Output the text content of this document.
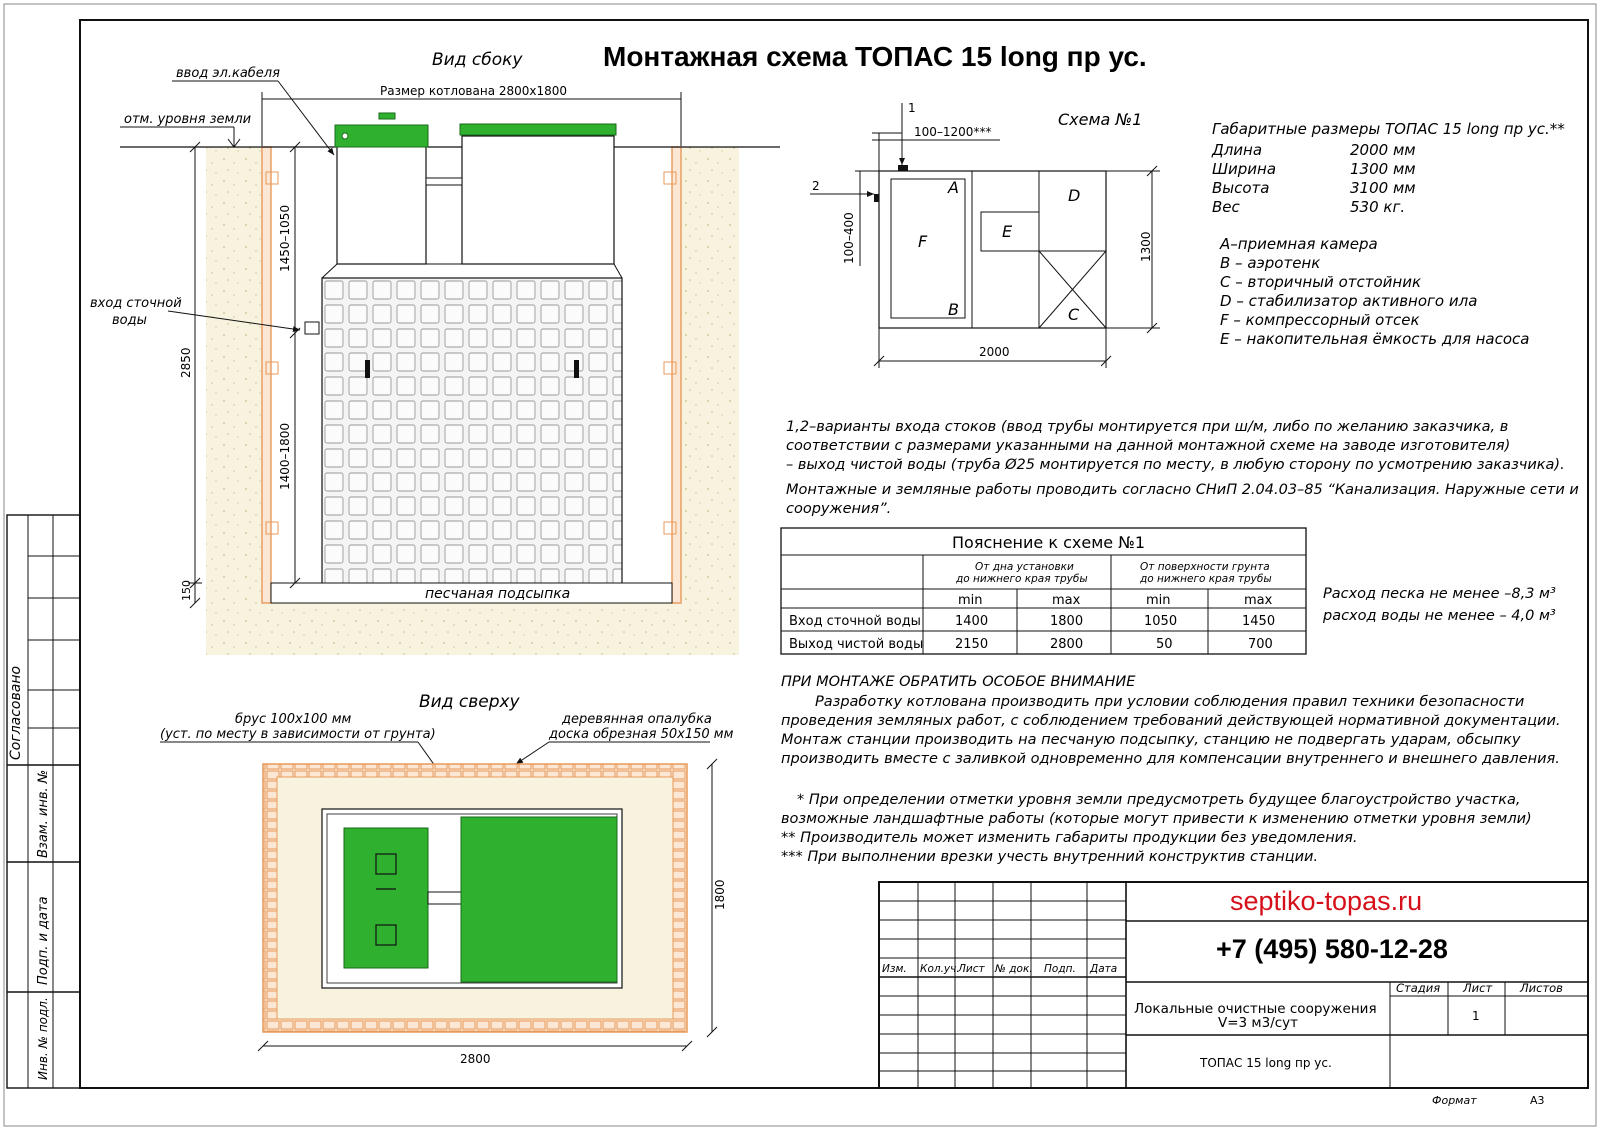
Согласовано
Взам. инв. №
Подп. и дата
Инв. № подл.
Монтажная схема ТОПАС 15 long пр ус.
Вид сбоку
Размер котлована 2800х1800
отм. уровня земли
ввод эл.кабеля
вход сточной
воды
песчаная подсыпка
2850
150
1450–1050
1400–1800
Вид сверху
брус 100х100 мм
(уст. по месту в зависимости от грунта)
деревянная опалубка
доска обрезная 50х150 мм
2800
1800
Схема №1
A
B	C
D
E
F
1
100–1200***
2
100–400	1300
2000
Габаритные размеры ТОПАС 15 long пр ус.**
Длина	2000 мм
Ширина	1300 мм
Высота	3100 мм
Вес	530 кг.
А–приемная камера
В – аэротенк
С – вторичный отстойник
D – стабилизатор активного ила
F – компрессорный отсек
Е – накопительная ёмкость для насоса
1,2–варианты входа стоков (ввод трубы монтируется при ш/м, либо по желанию заказчика, в
соответствии с размерами указанными на данной монтажной схеме на заводе изготовителя)
– выход чистой воды (труба Ø25 монтируется по месту, в любую сторону по усмотрению заказчика).
Монтажные и земляные работы проводить согласно СНиП 2.04.03–85 “Канализация. Наружные сети и
сооружения”.
Пояснение к схеме №1
От дна установки
до нижнего края трубы
От поверхности грунта
до нижнего края трубы
min	max	min	max
Вход сточной воды	1400	1800	1050	1450
Выход чистой воды 2150	2800	50	700
Расход песка не менее –8,3 м³
расход воды не менее – 4,0 м³
ПРИ МОНТАЖЕ ОБРАТИТЬ ОСОБОЕ ВНИМАНИЕ
Разработку котлована производить при условии соблюдения правил техники безопасности
проведения земляных работ, с соблюдением требований действующей нормативной документации.
Монтаж станции производить на песчаную подсыпку, станцию не подвергать ударам, обсыпку
производить вместе с заливкой одновременно для компенсации внутреннего и внешнего давления.
* При определении отметки уровня земли предусмотреть будущее благоустройство участка,
возможные ландшафтные работы (которые могут привести к изменению отметки уровня земли)
** Производитель может изменить габариты продукции без уведомления.
*** При выполнении врезки учесть внутренний конструктив станции.
Изм. Кол.уч.
Лист № док. Подп. Дата
septiko-topas.ru
+7 (495) 580-12-28
Стадия Лист Листов
1
Локальные очистные сооружения
V=3 м3/сут
ТОПАС 15 long пр ус.
Формат	А3
